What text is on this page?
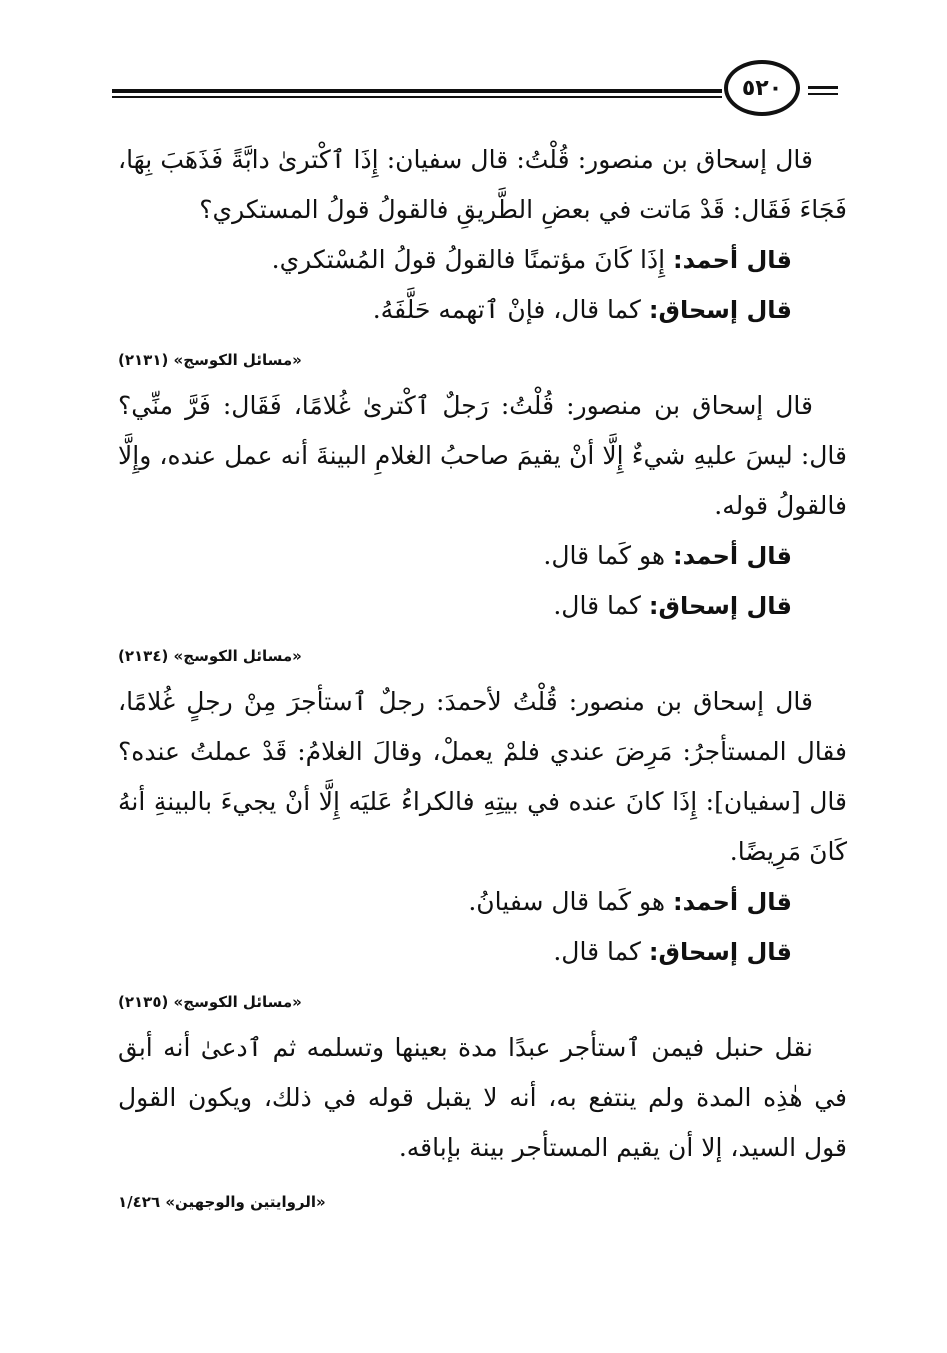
٥٢٠

قال إسحاق بن منصور: قُلْتُ: قال سفيان: إِذَا ٱكْترىٰ دابَّةً فَذَهَبَ بِهَا، فَجَاءَ فَقَال: قَدْ مَاتت في بعضِ الطَّريقِ فالقولُ قولُ المستكري؟

قال أحمد: إِذَا كَانَ مؤتمنًا فالقولُ قولُ المُسْتكري.

قال إسحاق: كما قال، فإنْ ٱتهمه حَلَّفَهُ.

«مسائل الكوسج» (٢١٣١)

قال إسحاق بن منصور: قُلْتُ: رَجلٌ ٱكْترىٰ غُلامًا، فَقَال: فَرَّ منِّي؟ قال: ليسَ عليهِ شيءٌ إِلَّا أنْ يقيمَ صاحبُ الغلامِ البينةَ أنه عمل عنده، وإِلَّا فالقولُ قوله.

قال أحمد: هو كَما قال.

قال إسحاق: كما قال.

«مسائل الكوسج» (٢١٣٤)

قال إسحاق بن منصور: قُلْتُ لأحمدَ: رجلٌ ٱستأجرَ مِنْ رجلٍ غُلامًا، فقال المستأجرُ: مَرِضَ عندي فلمْ يعملْ، وقالَ الغلامُ: قَدْ عملتُ عنده؟ قال [سفيان]: إِذَا كانَ عنده في بيتِهِ فالكراءُ عَليَه إِلَّا أنْ يجيءَ بالبينةِ أنهُ كَانَ مَرِيضًا.

قال أحمد: هو كَما قال سفيانُ.

قال إسحاق: كما قال.

«مسائل الكوسج» (٢١٣٥)

نقل حنبل فيمن ٱستأجر عبدًا مدة بعينها وتسلمه ثم ٱدعىٰ أنه أبق في هٰذِه المدة ولم ينتفع به، أنه لا يقبل قوله في ذلك، ويكون القول قول السيد، إلا أن يقيم المستأجر بينة بإباقه.

«الروايتين والوجهين» ١/٤٢٦
